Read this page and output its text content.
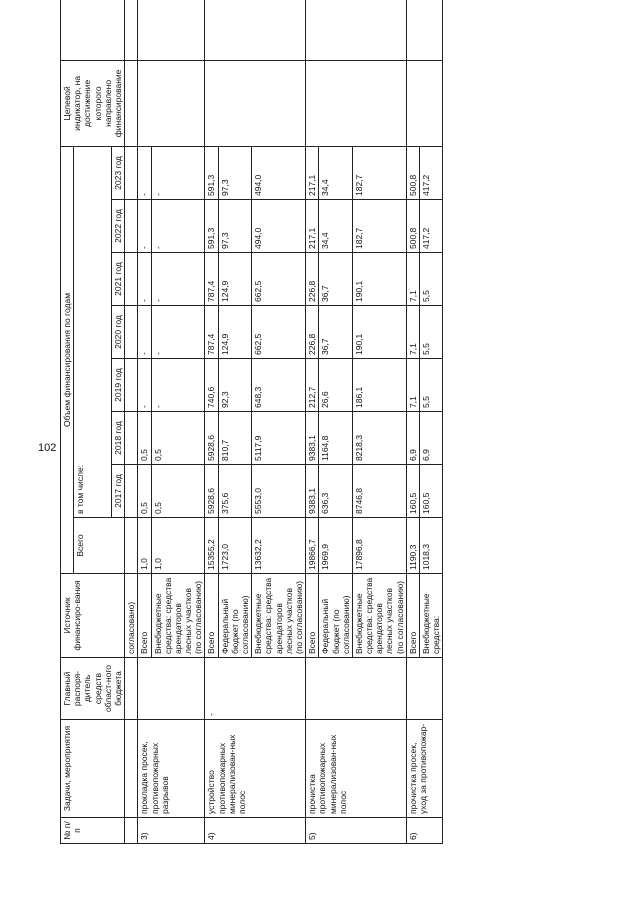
102
№ п/п	Задачи, мероприятия	Главный распоря-дитель средств област-ного бюджета	Источник финансиро-вания	Объем финансирования по годам								Целевой индикатор, на достижение которого направлено финансирование	
				Всего	в том числе:								
					2017 год	2018 год	2019 год	2020 год	2021 год	2022 год	2023 год		
			согласовано)										
3)	прокладка просек, противопожарных разрывов		Всего	1,0	0,5	0,5	-	-	-	-	-		
			Внебюджетные средства: средства арендаторов лесных участков (по согласованию)	1,0	0,5	0,5	-	-	-	-	-		
4)	устройство противопожарных минерализован-ных полос	-	Всего	15355,2	5928,6	5928,6	740,6	787,4	787,4	591,3	591,3		
			Федеральный бюджет (по согласованию)	1723,0	375,6	810,7	92,3	124,9	124,9	97,3	97,3		
			Внебюджетные средства: средства арендаторов лесных участков (по согласованию)	13632,2	5553,0	5117,9	648,3	662,5	662,5	494,0	494,0		
5)	прочистка противопожарных минерализован-ных полос		Всего	19866,7	9383,1	9383,1	212,7	226,8	226,8	217,1	217,1		
			Федеральный бюджет (по согласованию)	1969,9	636,3	1164,8	26,6	36,7	36,7	34,4	34,4		
			Внебюджетные средства: средства арендаторов лесных участков (по согласованию)	17896,8	8746,8	8218,3	186,1	190,1	190,1	182,7	182,7		
6)	прочистка просек, уход за противопожар-		Всего	1190,3	160,5	6,9	7,1	7,1	7,1	500,8	500,8		
			Внебюджетные средства:	1018,3	160,5	6,9	5,5	5,5	5,5	417,2	417,2		
